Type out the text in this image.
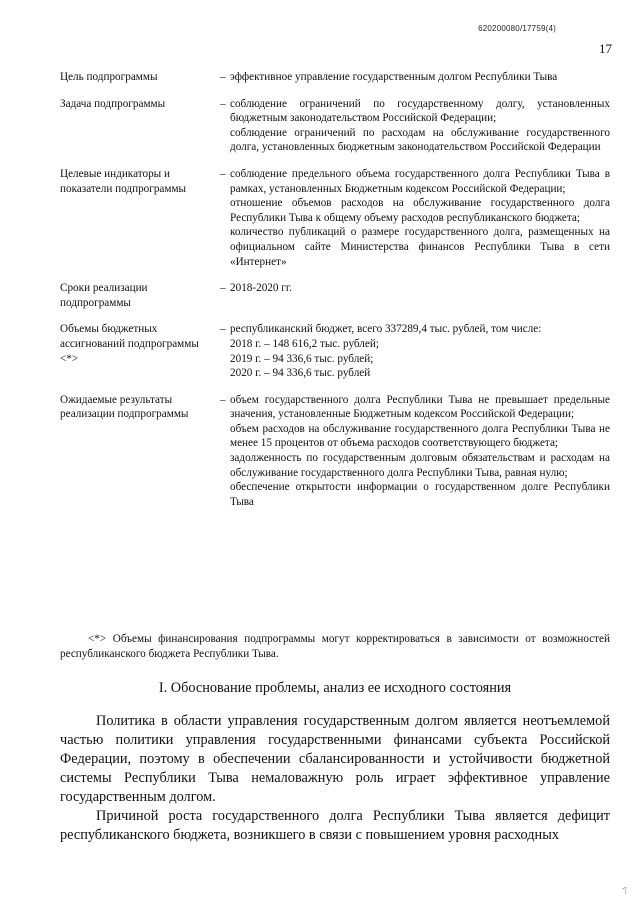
620200080/17759(4)
17
Цель подпрограммы	– эффективное управление государственным долгом Республики Тыва
Задача подпрограммы	– соблюдение ограничений по государственному долгу, установленных бюджетным законодательством Российской Федерации;
соблюдение ограничений по расходам на обслуживание государственного долга, установленных бюджетным законодательством Российской Федерации
Целевые индикаторы и показатели подпрограммы
– соблюдение предельного объема государственного долга Республики Тыва в рамках, установленных Бюджетным кодексом Российской Федерации;
отношение объемов расходов на обслуживание государственного долга Республики Тыва к общему объему расходов республиканского бюджета;
количество публикаций о размере государственного долга, размещенных на официальном сайте Министерства финансов Республики Тыва в сети «Интернет»
Сроки реализации подпрограммы
– 2018-2020 гг.
Объемы бюджетных ассигнований подпрограммы <*>
– республиканский бюджет, всего 337289,4 тыс. рублей, том числе:
2018 г. – 148 616,2 тыс. рублей;
2019 г. – 94 336,6 тыс. рублей;
2020 г. – 94 336,6 тыс. рублей
Ожидаемые результаты реализации подпрограммы
– объем государственного долга Республики Тыва не превышает предельные значения, установленные Бюджетным кодексом Российской Федерации;
объем расходов на обслуживание государственного долга Республики Тыва не менее 15 процентов от объема расходов соответствующего бюджета;
задолженность по государственным долговым обязательствам и расходам на обслуживание государственного долга Республики Тыва, равная нулю;
обеспечение открытости информации о государственном долге Республики Тыва
<*> Объемы финансирования подпрограммы могут корректироваться в зависимости от возможностей республиканского бюджета Республики Тыва.
I. Обоснование проблемы, анализ ее исходного состояния

Политика в области управления государственным долгом является неотъемлемой частью политики управления государственными финансами субъекта Российской Федерации, поэтому в обеспечении сбалансированности и устойчивости бюджетной системы Республики Тыва немаловажную роль играет эффективное управление государственным долгом.

Причиной роста государственного долга Республики Тыва является дефицит республиканского бюджета, возникшего в связи с повышением уровня расходных

7
